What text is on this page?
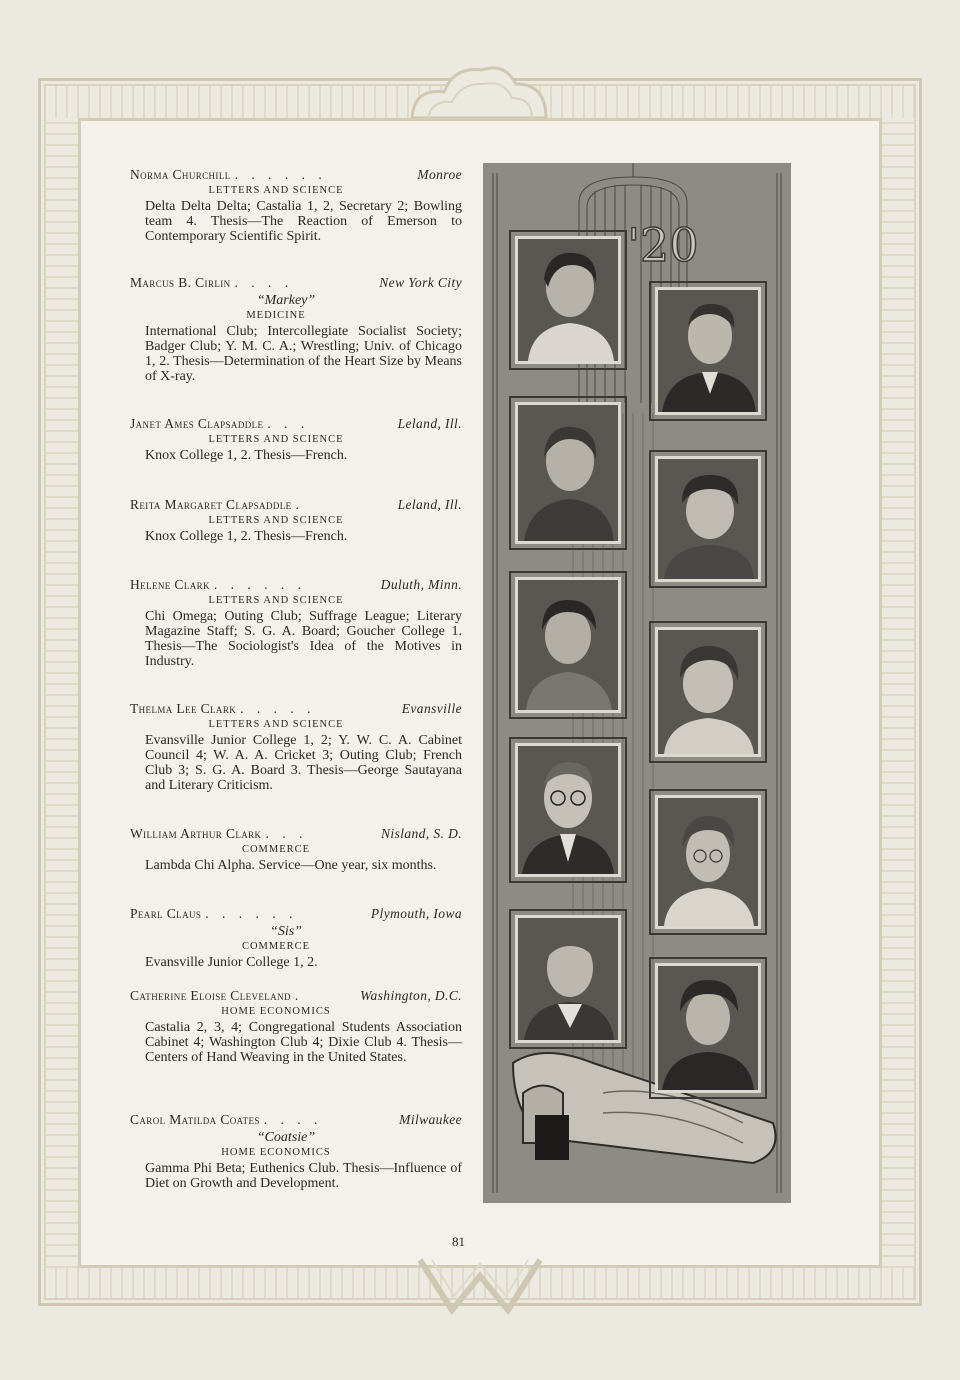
Norma Churchill . . . . . .	Monroe
LETTERS AND SCIENCE
Delta Delta Delta; Castalia 1, 2, Secretary 2; Bowling team 4. Thesis—The Reaction of Emerson to Contemporary Scientific Spirit.
Marcus B. Cirlin . . . .	New York City
“Markey”
MEDICINE
International Club; Intercollegiate Socialist Society; Badger Club; Y. M. C. A.; Wrestling; Univ. of Chicago 1, 2. Thesis—Determination of the Heart Size by Means of X-ray.
Janet Ames Clapsaddle . . .	Leland, Ill.
LETTERS AND SCIENCE
Knox College 1, 2. Thesis—French.
Reita Margaret Clapsaddle .	Leland, Ill.
LETTERS AND SCIENCE
Knox College 1, 2. Thesis—French.
Helene Clark . . . . . .	Duluth, Minn.
LETTERS AND SCIENCE
Chi Omega; Outing Club; Suffrage League; Literary Magazine Staff; S. G. A. Board; Goucher College 1. Thesis—The Sociologist's Idea of the Motives in Industry.
Thelma Lee Clark . . . . .	Evansville
LETTERS AND SCIENCE
Evansville Junior College 1, 2; Y. W. C. A. Cabinet Council 4; W. A. A. Cricket 3; Outing Club; French Club 3; S. G. A. Board 3. Thesis—George Sautayana and Literary Criticism.
William Arthur Clark . . .	Nisland, S. D.
COMMERCE
Lambda Chi Alpha. Service—One year, six months.
Pearl Claus . . . . . .	Plymouth, Iowa
“Sis”
COMMERCE
Evansville Junior College 1, 2.
Catherine Eloise Cleveland .	Washington, D.C.
HOME ECONOMICS
Castalia 2, 3, 4; Congregational Students Association Cabinet 4; Washington Club 4; Dixie Club 4. Thesis—Centers of Hand Weaving in the United States.
Carol Matilda Coates . . . .	Milwaukee
“Coatsie”
HOME ECONOMICS
Gamma Phi Beta; Euthenics Club. Thesis—Influence of Diet on Growth and Development.
'20
81
